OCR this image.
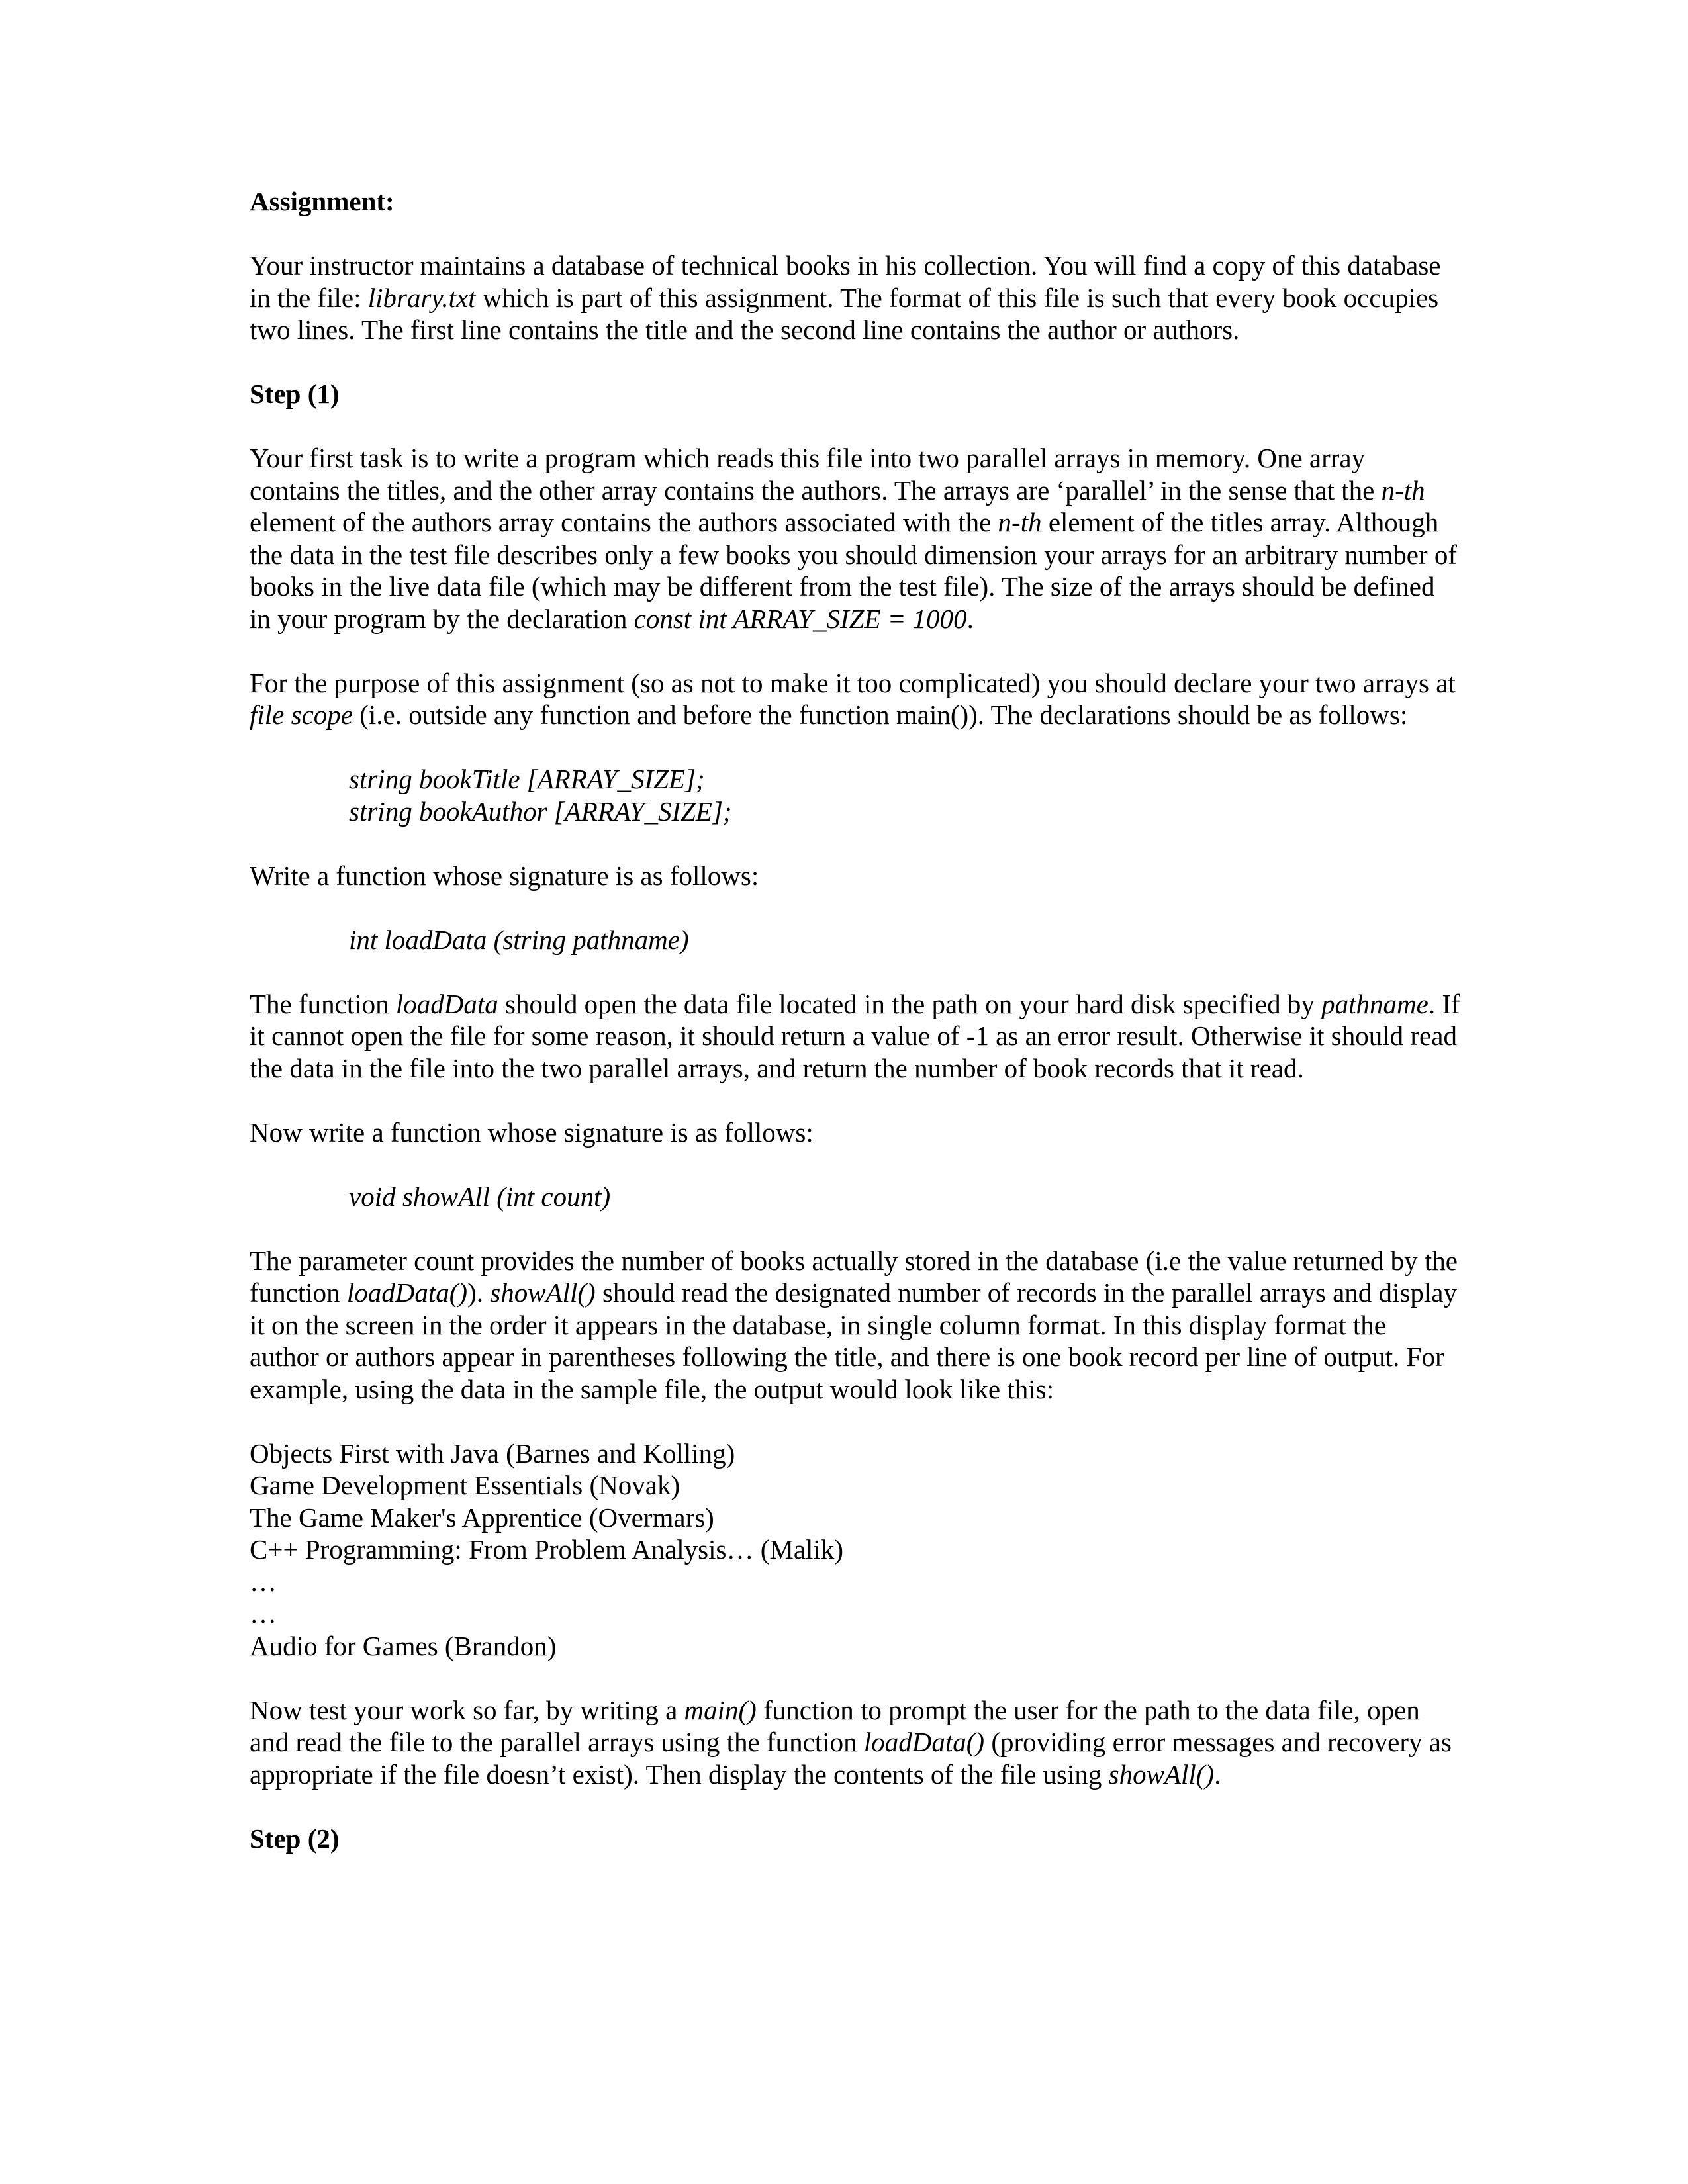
Assignment:

Your instructor maintains a database of technical books in his collection. You will find a copy of this database in the file: library.txt which is part of this assignment. The format of this file is such that every book occupies two lines. The first line contains the title and the second line contains the author or authors.

Step (1)

Your first task is to write a program which reads this file into two parallel arrays in memory. One array contains the titles, and the other array contains the authors. The arrays are ‘parallel’ in the sense that the n-th element of the authors array contains the authors associated with the n-th element of the titles array. Although the data in the test file describes only a few books you should dimension your arrays for an arbitrary number of books in the live data file (which may be different from the test file). The size of the arrays should be defined in your program by the declaration const int ARRAY_SIZE = 1000.

For the purpose of this assignment (so as not to make it too complicated) you should declare your two arrays at file scope (i.e. outside any function and before the function main()). The declarations should be as follows:

string bookTitle [ARRAY_SIZE];
string bookAuthor [ARRAY_SIZE];

Write a function whose signature is as follows:

int loadData (string pathname)

The function loadData should open the data file located in the path on your hard disk specified by pathname. If it cannot open the file for some reason, it should return a value of -1 as an error result. Otherwise it should read the data in the file into the two parallel arrays, and return the number of book records that it read.

Now write a function whose signature is as follows:

void showAll (int count)

The parameter count provides the number of books actually stored in the database (i.e the value returned by the function loadData()). showAll() should read the designated number of records in the parallel arrays and display it on the screen in the order it appears in the database, in single column format. In this display format the author or authors appear in parentheses following the title, and there is one book record per line of output. For example, using the data in the sample file, the output would look like this:

Objects First with Java (Barnes and Kolling)
Game Development Essentials (Novak)
The Game Maker's Apprentice (Overmars)
C++ Programming: From Problem Analysis… (Malik)
…
…
Audio for Games (Brandon)

Now test your work so far, by writing a main() function to prompt the user for the path to the data file, open and read the file to the parallel arrays using the function loadData() (providing error messages and recovery as appropriate if the file doesn’t exist). Then display the contents of the file using showAll().

Step (2)
